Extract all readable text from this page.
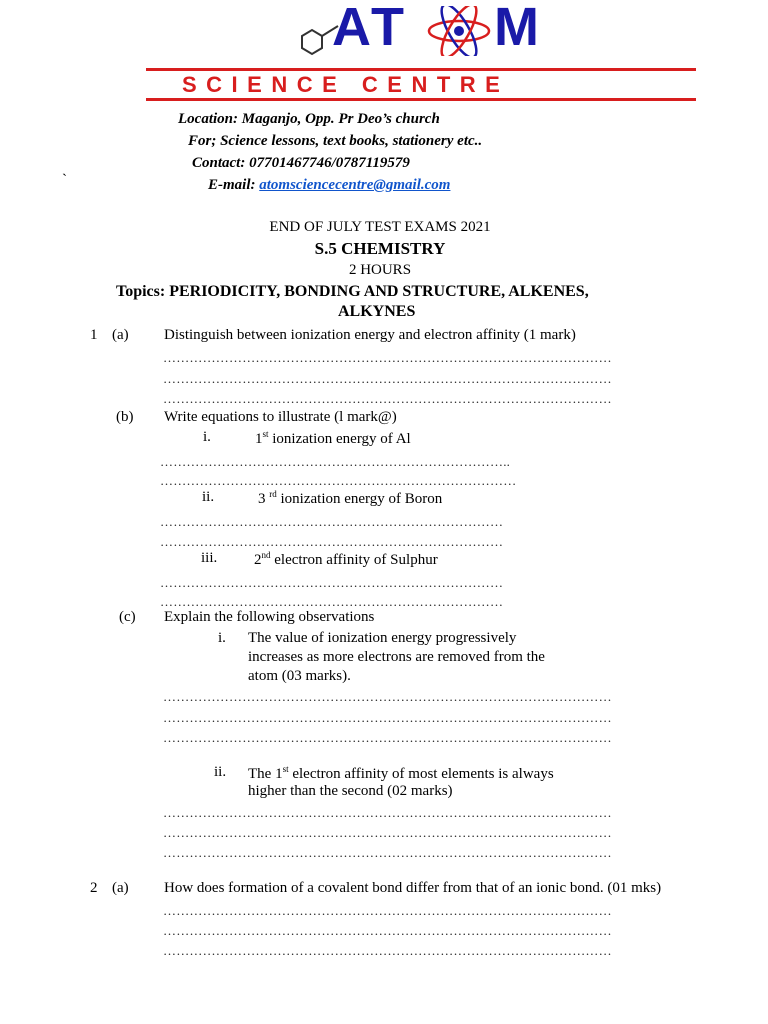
AT M
SCIENCE CENTRE
Location: Maganjo, Opp. Pr Deo’s church
For; Science lessons, text books, stationery etc..
Contact: 07701467746/0787119579
`	E-mail: atomsciencecentre@gmail.com
END OF JULY TEST EXAMS 2021
S.5 CHEMISTRY
2 HOURS
Topics: PERIODICITY, BONDING AND STRUCTURE, ALKENES,
ALKYNES
1 (a) Distinguish between ionization energy and electron affinity (1 mark)
…………………………………………………………………………………………
…………………………………………………………………………………………
…………………………………………………………………………………………
(b) Write equations to illustrate (l mark@)
i.	1st ionization energy of Al
……………………………………………………………………..
………………………………………………………………………
ii.	3 $^{rd}$ ionization energy of Boron
……………………………………………………………………
……………………………………………………………………
iii. 2nd electron affinity of Sulphur
……………………………………………………………………
……………………………………………………………………
(c) Explain the following observations
i. The value of ionization energy progressively
increases as more electrons are removed from the
atom (03 marks).
…………………………………………………………………………………………
…………………………………………………………………………………………
…………………………………………………………………………………………
ii. The 1st electron affinity of most elements is always
higher than the second (02 marks)
…………………………………………………………………………………………
…………………………………………………………………………………………
…………………………………………………………………………………………
2 (a) How does formation of a covalent bond differ from that of an ionic bond. (01 mks)
…………………………………………………………………………………………
…………………………………………………………………………………………
…………………………………………………………………………………………
